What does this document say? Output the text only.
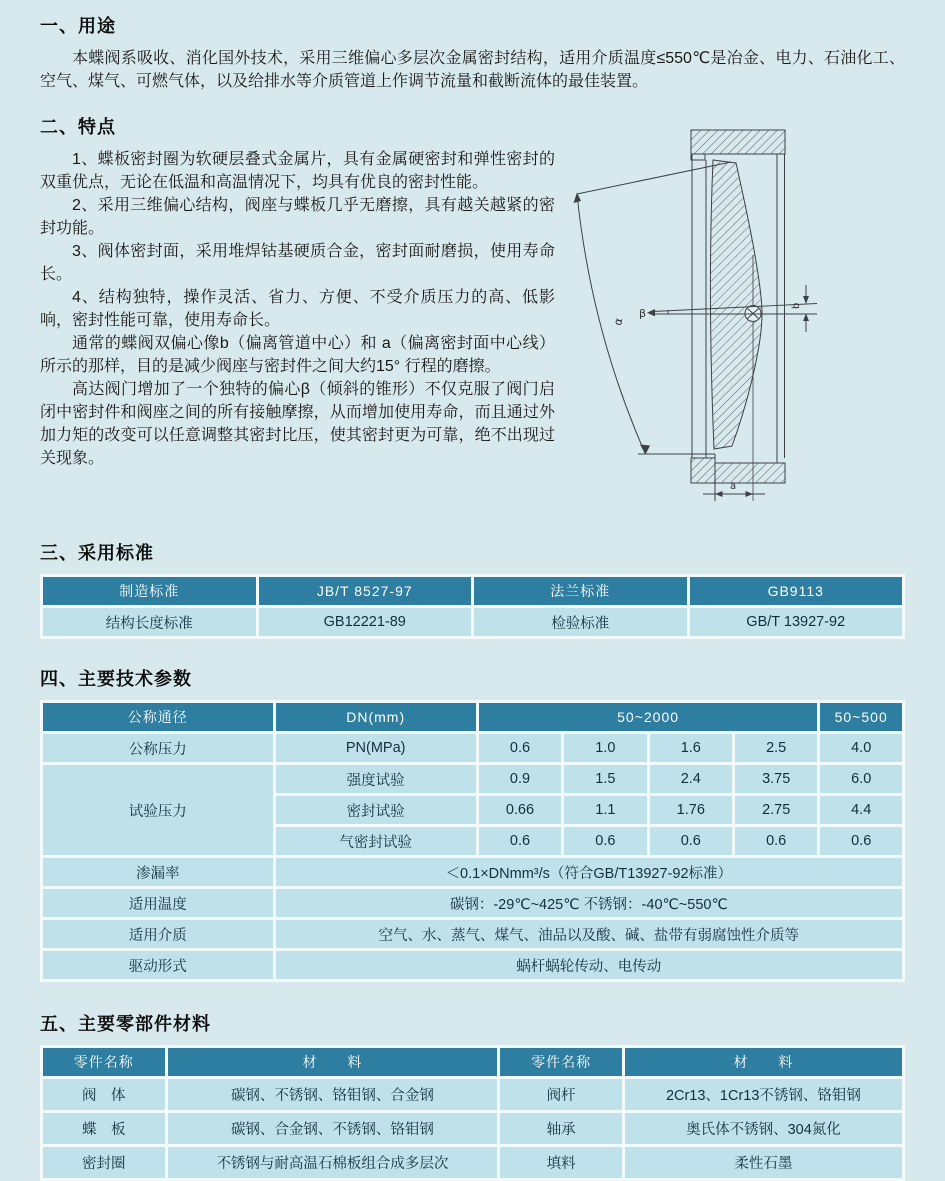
一、用途
本蝶阀系吸收、消化国外技术，采用三维偏心多层次金属密封结构，适用介质温度≤550℃是冶金、电力、石油化工、空气、煤气、可燃气体，以及给排水等介质管道上作调节流量和截断流体的最佳装置。
二、特点
1、蝶板密封圈为软硬层叠式金属片，具有金属硬密封和弹性密封的双重优点，无论在低温和高温情况下，均具有优良的密封性能。
2、采用三维偏心结构，阀座与蝶板几乎无磨擦，具有越关越紧的密封功能。
3、阀体密封面，采用堆焊钴基硬质合金，密封面耐磨损，使用寿命长。
4、结构独特，操作灵活、省力、方便、不受介质压力的高、低影响，密封性能可靠，使用寿命长。
通常的蝶阀双偏心像b（偏离管道中心）和 a（偏离密封面中心线）所示的那样，目的是减少阀座与密封件之间大约15° 行程的磨擦。
高达阀门增加了一个独特的偏心β（倾斜的锥形）不仅克服了阀门启闭中密封件和阀座之间的所有接触摩擦，从而增加使用寿命，而且通过外加力矩的改变可以任意调整其密封比压，使其密封更为可靠，绝不出现过关现象。
α
β
b
a
三、采用标准
制造标准	JB/T 8527-97	法兰标准	GB9113
结构长度标准	GB12221-89	检验标准	GB/T 13927-92
四、主要技术参数
公称通径	DN(mm)	50~2000				50~500
公称压力	PN(MPa)	0.6	1.0	1.6	2.5	4.0
试验压力	强度试验	0.9	1.5	2.4	3.75	6.0
	密封试验	0.66	1.1	1.76	2.75	4.4
	气密封试验	0.6	0.6	0.6	0.6	0.6
渗漏率	＜0.1×DNmm³/s（符合GB/T13927-92标准）					
适用温度	碳钢：-29℃~425℃ 不锈钢：-40℃~550℃					
适用介质	空气、水、蒸气、煤气、油品以及酸、碱、盐带有弱腐蚀性介质等					
驱动形式	蜗杆蜗轮传动、电传动					
五、主要零部件材料
零件名称	材　　料	零件名称	材　　料
阀　体	碳钢、不锈钢、铬钼钢、合金钢	阀杆	2Cr13、1Cr13不锈钢、铬钼钢
蝶　板	碳钢、合金钢、不锈钢、铬钼钢	轴承	奥氏体不锈钢、304氮化
密封圈	不锈钢与耐高温石棉板组合成多层次	填料	柔性石墨
